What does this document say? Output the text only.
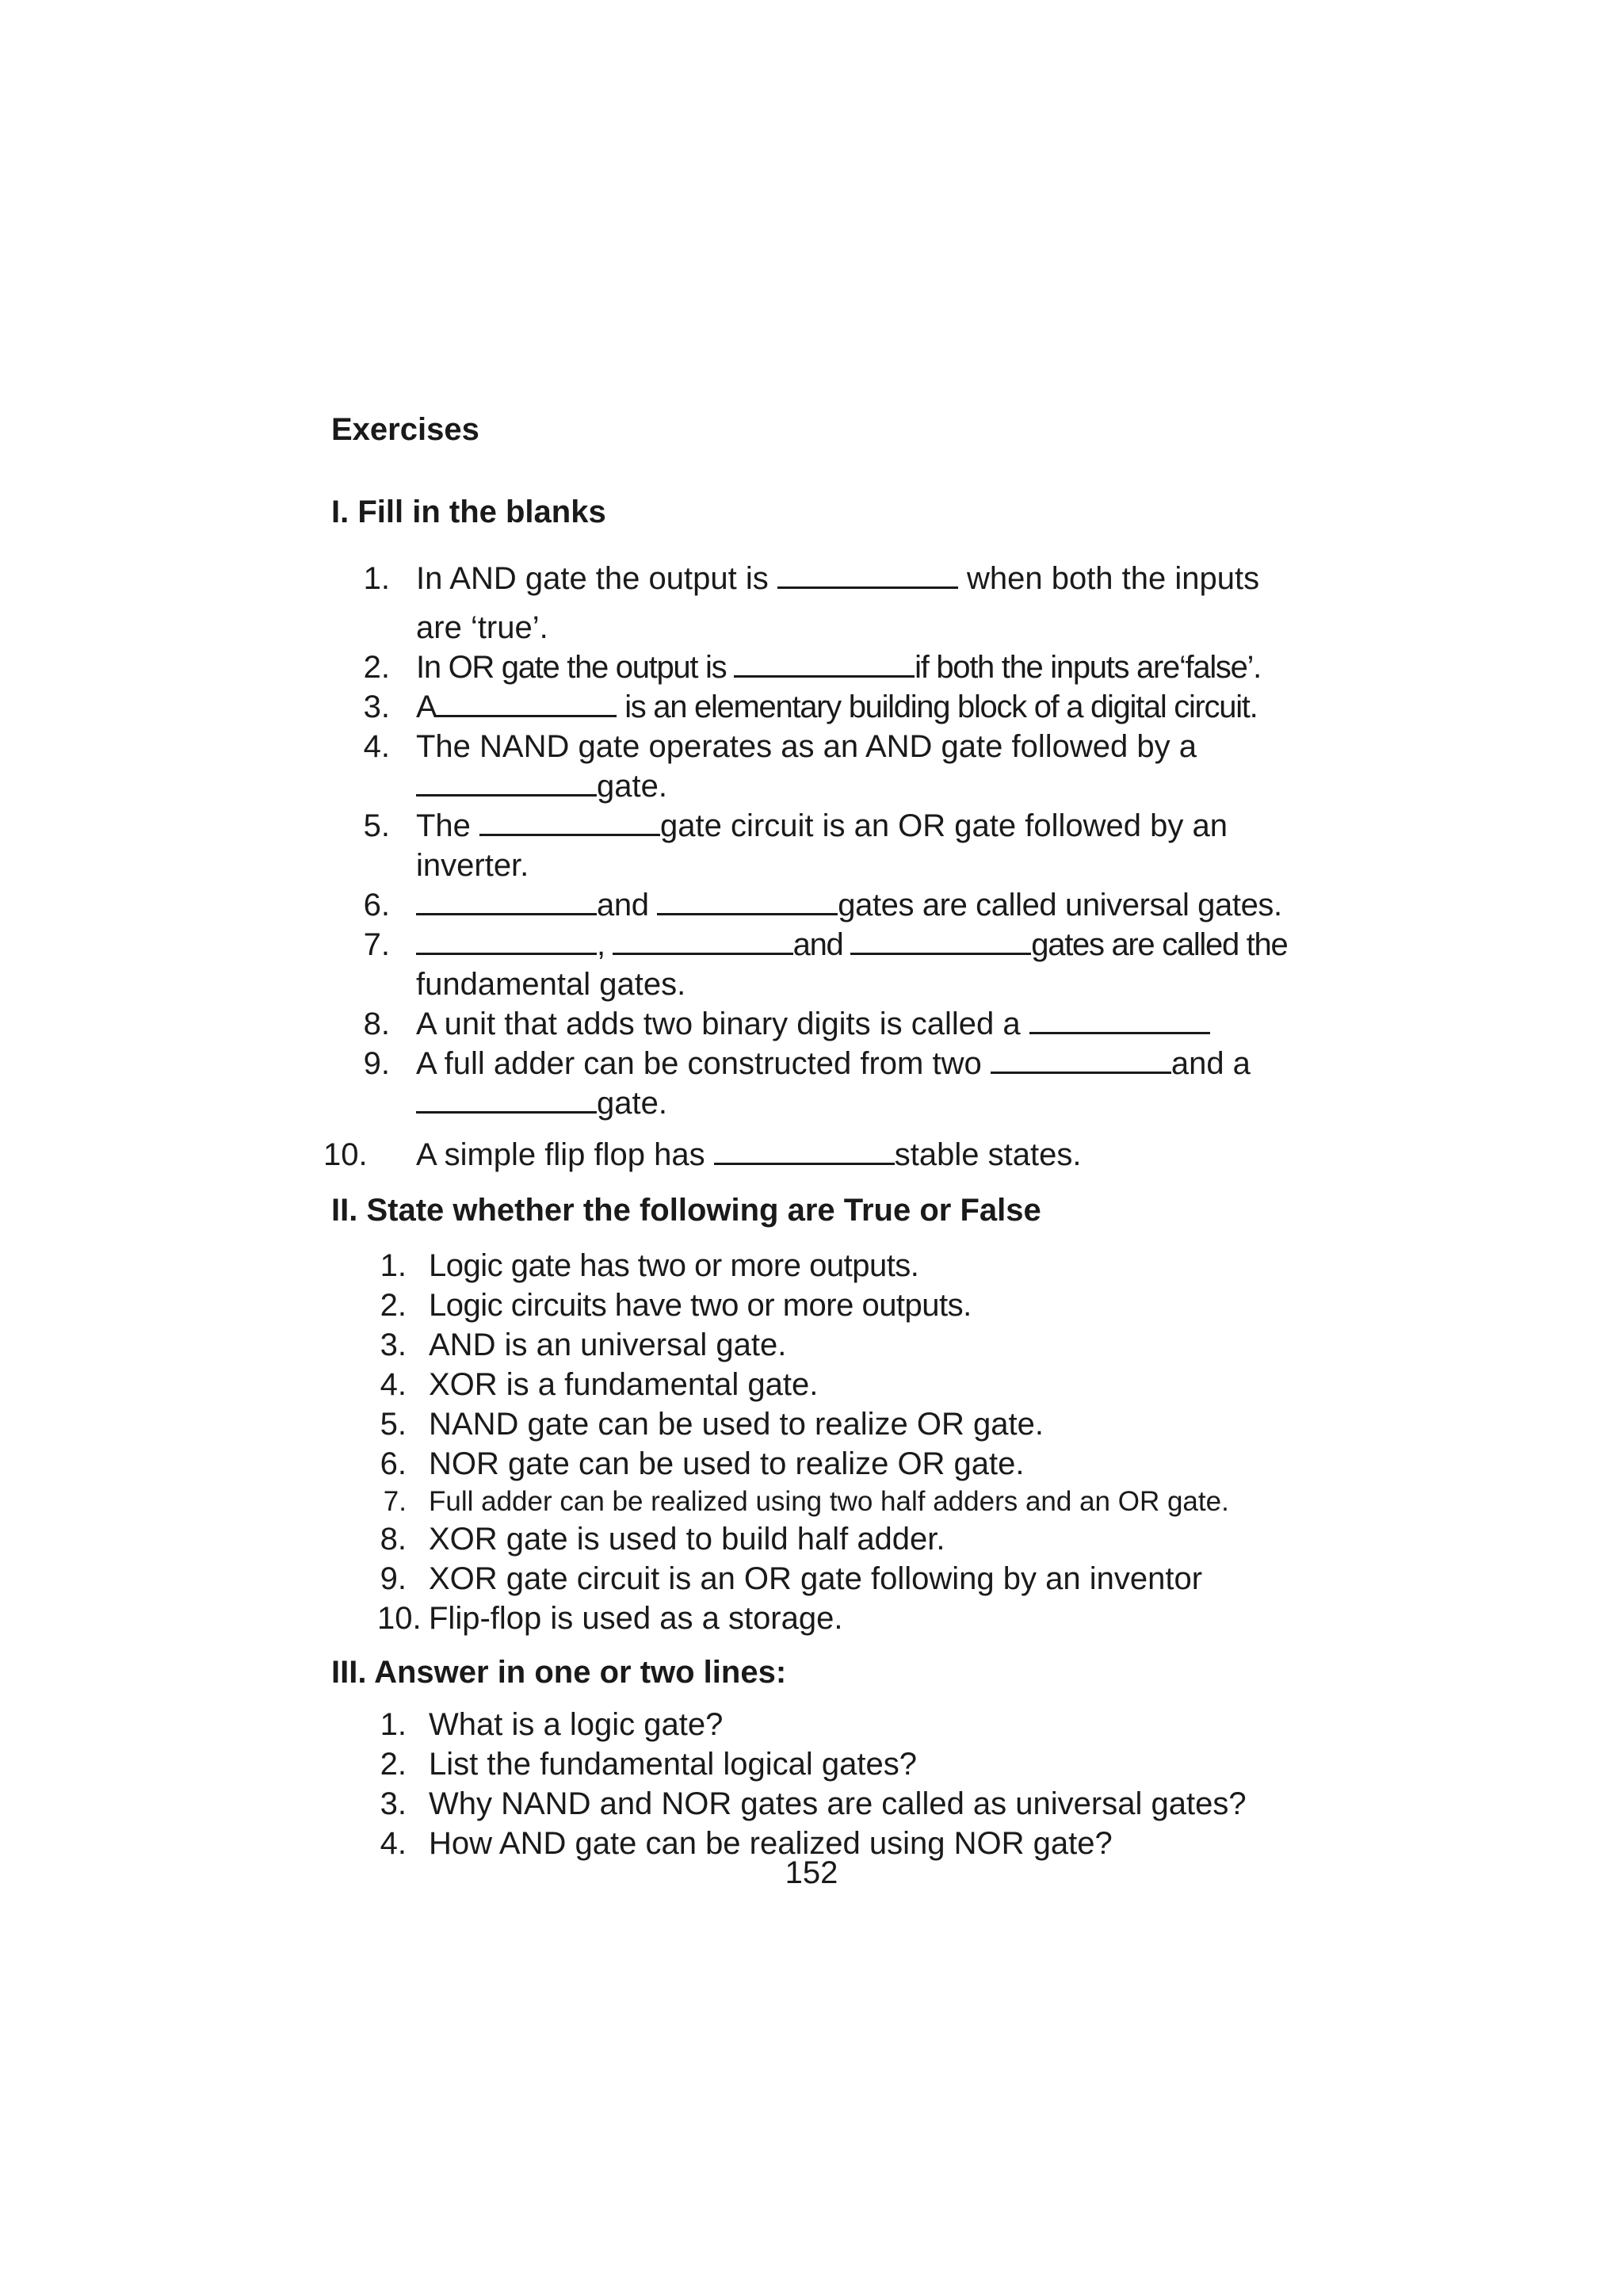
Exercises
I. Fill in the blanks
1. In AND gate the output is	when both the inputs
are ‘true’.
2. In OR gate the output is	if both the inputs are‘false’.
3. A	is an elementary building block of a digital circuit.
4. The NAND gate operates as an AND gate followed by a
gate.
5. The	gate circuit is an OR gate followed by an
inverter.
6.	and	gates are called universal gates.
7.	,	and	gates are called the
fundamental gates.
8. A unit that adds two binary digits is called a
9. A full adder can be constructed from two	and a
gate.
10. A simple flip flop has	stable states.
II. State whether the following are True or False
1. Logic gate has two or more outputs.
2. Logic circuits have two or more outputs.
3. AND is an universal gate.
4. XOR is a fundamental gate.
5. NAND gate can be used to realize OR gate.
6. NOR gate can be used to realize OR gate.
7. Full adder can be realized using two half adders and an OR gate.
8. XOR gate is used to build half adder.
9. XOR gate circuit is an OR gate following by an inventor
10. Flip-flop is used as a storage.
III. Answer in one or two lines:
1. What is a logic gate?
2. List the fundamental logical gates?
3. Why NAND and NOR gates are called as universal gates?
4. How AND gate can be realized using NOR gate?
152
